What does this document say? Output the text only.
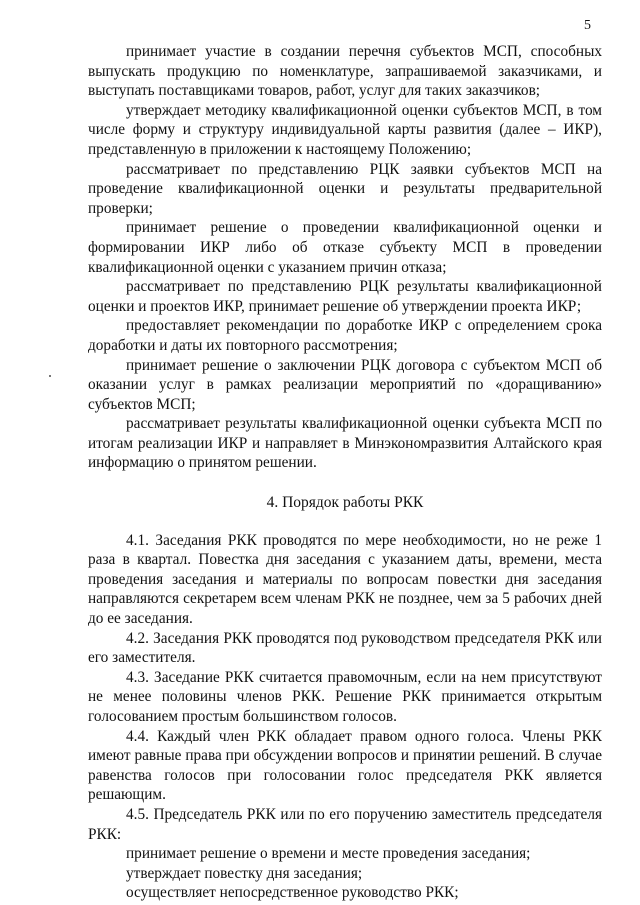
5

принимает участие в создании перечня субъектов МСП, способных выпускать продукцию по номенклатуре, запрашиваемой заказчиками, и выступать поставщиками товаров, работ, услуг для таких заказчиков;

утверждает методику квалификационной оценки субъектов МСП, в том числе форму и структуру индивидуальной карты развития (далее – ИКР), представленную в приложении к настоящему Положению;

рассматривает по представлению РЦК заявки субъектов МСП на проведение квалификационной оценки и результаты предварительной проверки;

принимает решение о проведении квалификационной оценки и формировании ИКР либо об отказе субъекту МСП в проведении квалификационной оценки с указанием причин отказа;

рассматривает по представлению РЦК результаты квалификационной оценки и проектов ИКР, принимает решение об утверждении проекта ИКР;

предоставляет рекомендации по доработке ИКР с определением срока доработки и даты их повторного рассмотрения;

принимает решение о заключении РЦК договора с субъектом МСП об оказании услуг в рамках реализации мероприятий по «доращиванию» субъектов МСП;

рассматривает результаты квалификационной оценки субъекта МСП по итогам реализации ИКР и направляет в Минэкономразвития Алтайского края информацию о принятом решении.

4. Порядок работы РКК

4.1. Заседания РКК проводятся по мере необходимости, но не реже 1 раза в квартал. Повестка дня заседания с указанием даты, времени, места проведения заседания и материалы по вопросам повестки дня заседания направляются секретарем всем членам РКК не позднее, чем за 5 рабочих дней до ее заседания.

4.2. Заседания РКК проводятся под руководством председателя РКК или его заместителя.

4.3. Заседание РКК считается правомочным, если на нем присутствуют не менее половины членов РКК. Решение РКК принимается открытым голосованием простым большинством голосов.

4.4. Каждый член РКК обладает правом одного голоса. Члены РКК имеют равные права при обсуждении вопросов и принятии решений. В случае равенства голосов при голосовании голос председателя РКК является решающим.

4.5. Председатель РКК или по его поручению заместитель председателя РКК:

принимает решение о времени и месте проведения заседания;

утверждает повестку дня заседания;

осуществляет непосредственное руководство РКК;
